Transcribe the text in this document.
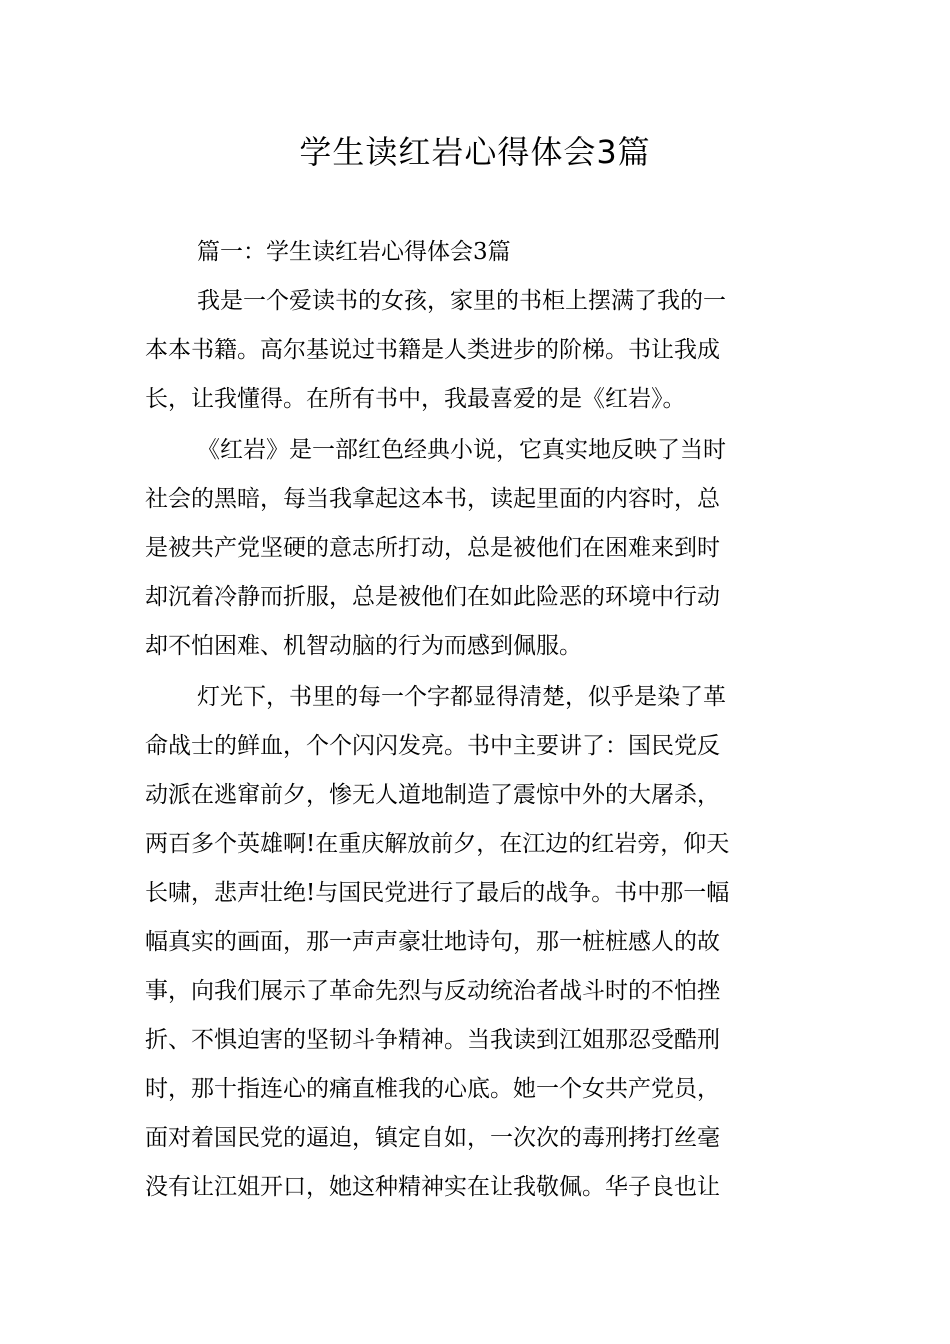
学生读红岩心得体会3篇

篇一：学生读红岩心得体会3篇

我是一个爱读书的女孩，家里的书柜上摆满了我的一
本本书籍。高尔基说过书籍是人类进步的阶梯。书让我成
长，让我懂得。在所有书中，我最喜爱的是《红岩》。

《红岩》是一部红色经典小说，它真实地反映了当时
社会的黑暗，每当我拿起这本书，读起里面的内容时，总
是被共产党坚硬的意志所打动，总是被他们在困难来到时
却沉着冷静而折服，总是被他们在如此险恶的环境中行动
却不怕困难、机智动脑的行为而感到佩服。

灯光下，书里的每一个字都显得清楚，似乎是染了革
命战士的鲜血，个个闪闪发亮。书中主要讲了：国民党反
动派在逃窜前夕，惨无人道地制造了震惊中外的大屠杀，
两百多个英雄啊!在重庆解放前夕，在江边的红岩旁，仰天
长啸，悲声壮绝!与国民党进行了最后的战争。书中那一幅
幅真实的画面，那一声声豪壮地诗句，那一桩桩感人的故
事，向我们展示了革命先烈与反动统治者战斗时的不怕挫
折、不惧迫害的坚韧斗争精神。当我读到江姐那忍受酷刑
时，那十指连心的痛直椎我的心底。她一个女共产党员，
面对着国民党的逼迫，镇定自如，一次次的毒刑拷打丝毫
没有让江姐开口，她这种精神实在让我敬佩。华子良也让
